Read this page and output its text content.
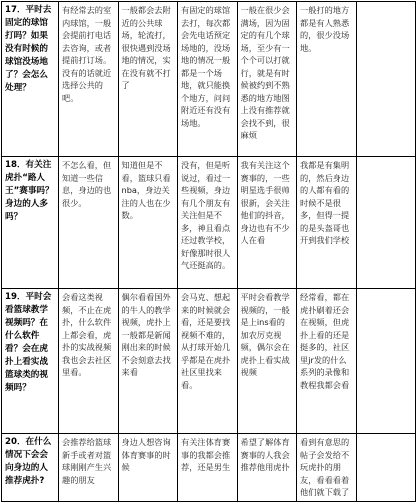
17．平时去固定的球馆打吗？如果没有时候的球馆没场地了？会怎么处理？	有经常去的室内球馆，一般会提前打电话去咨询，或者提前打订场。没有的话就近选择公共的吧。	一般都会去附近的公共球场，轮流打，很快遇到没场地的情况，实在没有就不打了	有固定的球馆去打，每次都会先电话预定场地的，没场地的情况一般都是一个场地，就只能换个地方，问问附近还有没有场地。	一般在很少会满场，因为固定的有几个球场，至少有一个个可以打就行，就是有时候被约到不熟悉的地方地图上没有推荐就会找不到，很麻烦	一般打的地方都是有人熟悉的，很少没场地。	
18．有关注虎扑“路人王”赛事吗？身边的人多吗？	不怎么看，但知道一些信息，身边的也很少。	知道但是不看，篮球只看nba，身边关注的人也在少数。	没有，但是听说过，看过一些视频，身边有几个朋友有关注但是不多，神且看点还过教学校，好像那时很人气还挺高的。	我有关注这个赛事的，一些明星选手很帅很新，会关注他们的抖音，身边也有不少人在看	我都是有集明的，然后身边的人都有看的时候不是很多，但得一提的是头盔哥也开到我们学校	
19．平时会看篮球教学视频吗？在什么软件看？会在虎扑上看实战篮球类的视频吗？	会看这类视频，不止在虎扑，什么软件上都会看，虎扑的实战视频我也会去社区里看。	偶尔看看国外的牛人的教学视频，虎扑上一般都是新闻刚出来的时候不会刻意去找来看	会马克、想起来的时候就会看，还是要找视频不难的，从打球开始几乎都是在虎扑社区里找来看。	平时会看教学视频的，一般是上ins看的加农厉克视频，偶尔会在虎扑上看实战视频	经常看，都在虎扑刷着还会在视频，但虎扑上看的还是挺多的，社区里jr发的什么系列的录像和教程我都会看	
20．在什么情况下会会向身边的人推荐虎扑?	会推荐给篮球新手或者对篮球刚刚产生兴趣的朋友	身边人想咨询体育赛事的时候	有关注体育赛事的我都会推荐，还是男生	希望了解体育赛事的人我会推荐他用虎扑	看到有意思的帖子会发给不玩虎扑的朋友，看看看着他们就下载了	
